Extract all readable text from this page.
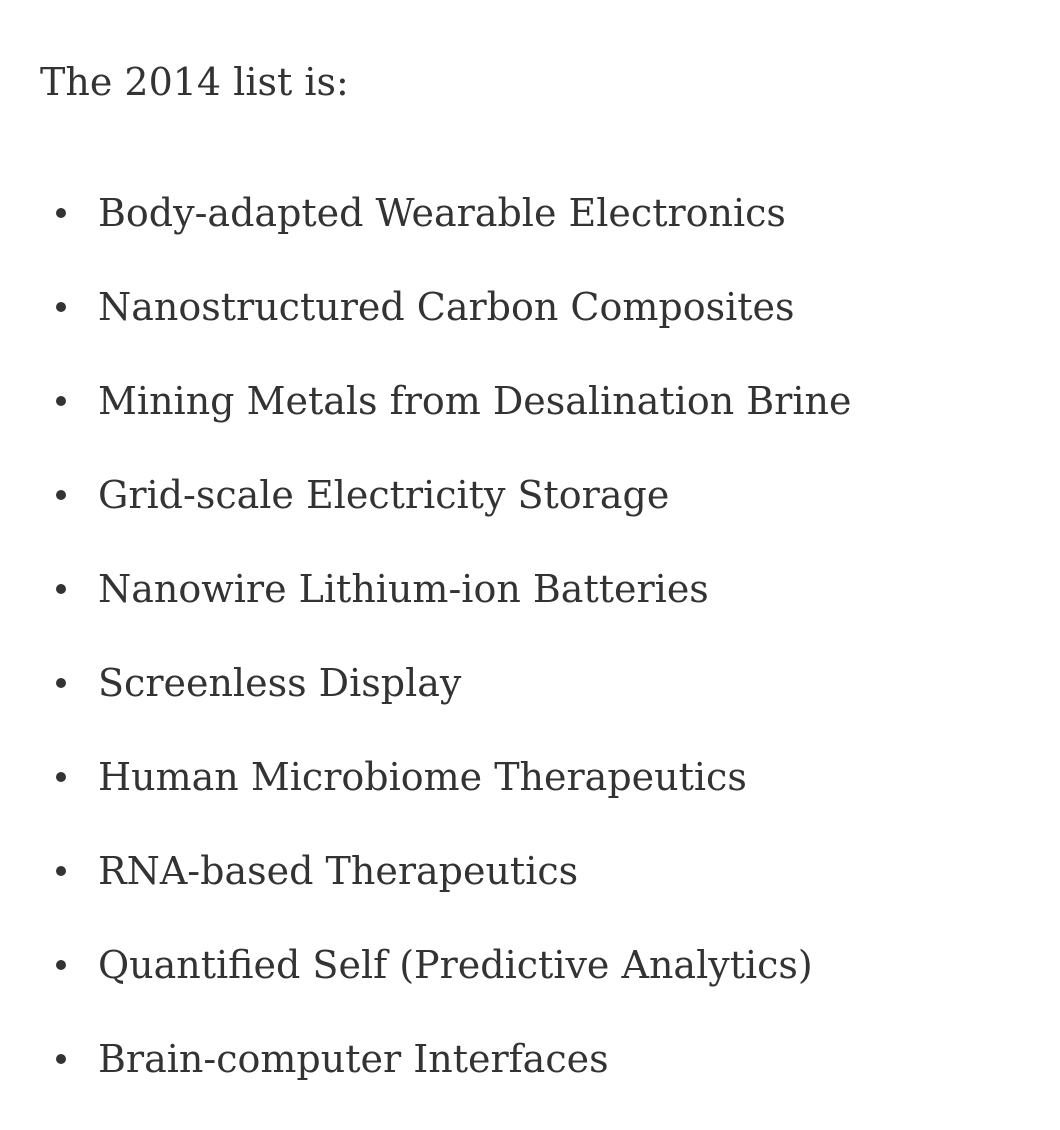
The 2014 list is:

Body-adapted Wearable Electronics
Nanostructured Carbon Composites
Mining Metals from Desalination Brine
Grid-scale Electricity Storage
Nanowire Lithium-ion Batteries
Screenless Display
Human Microbiome Therapeutics
RNA-based Therapeutics
Quantified Self (Predictive Analytics)
Brain-computer Interfaces
